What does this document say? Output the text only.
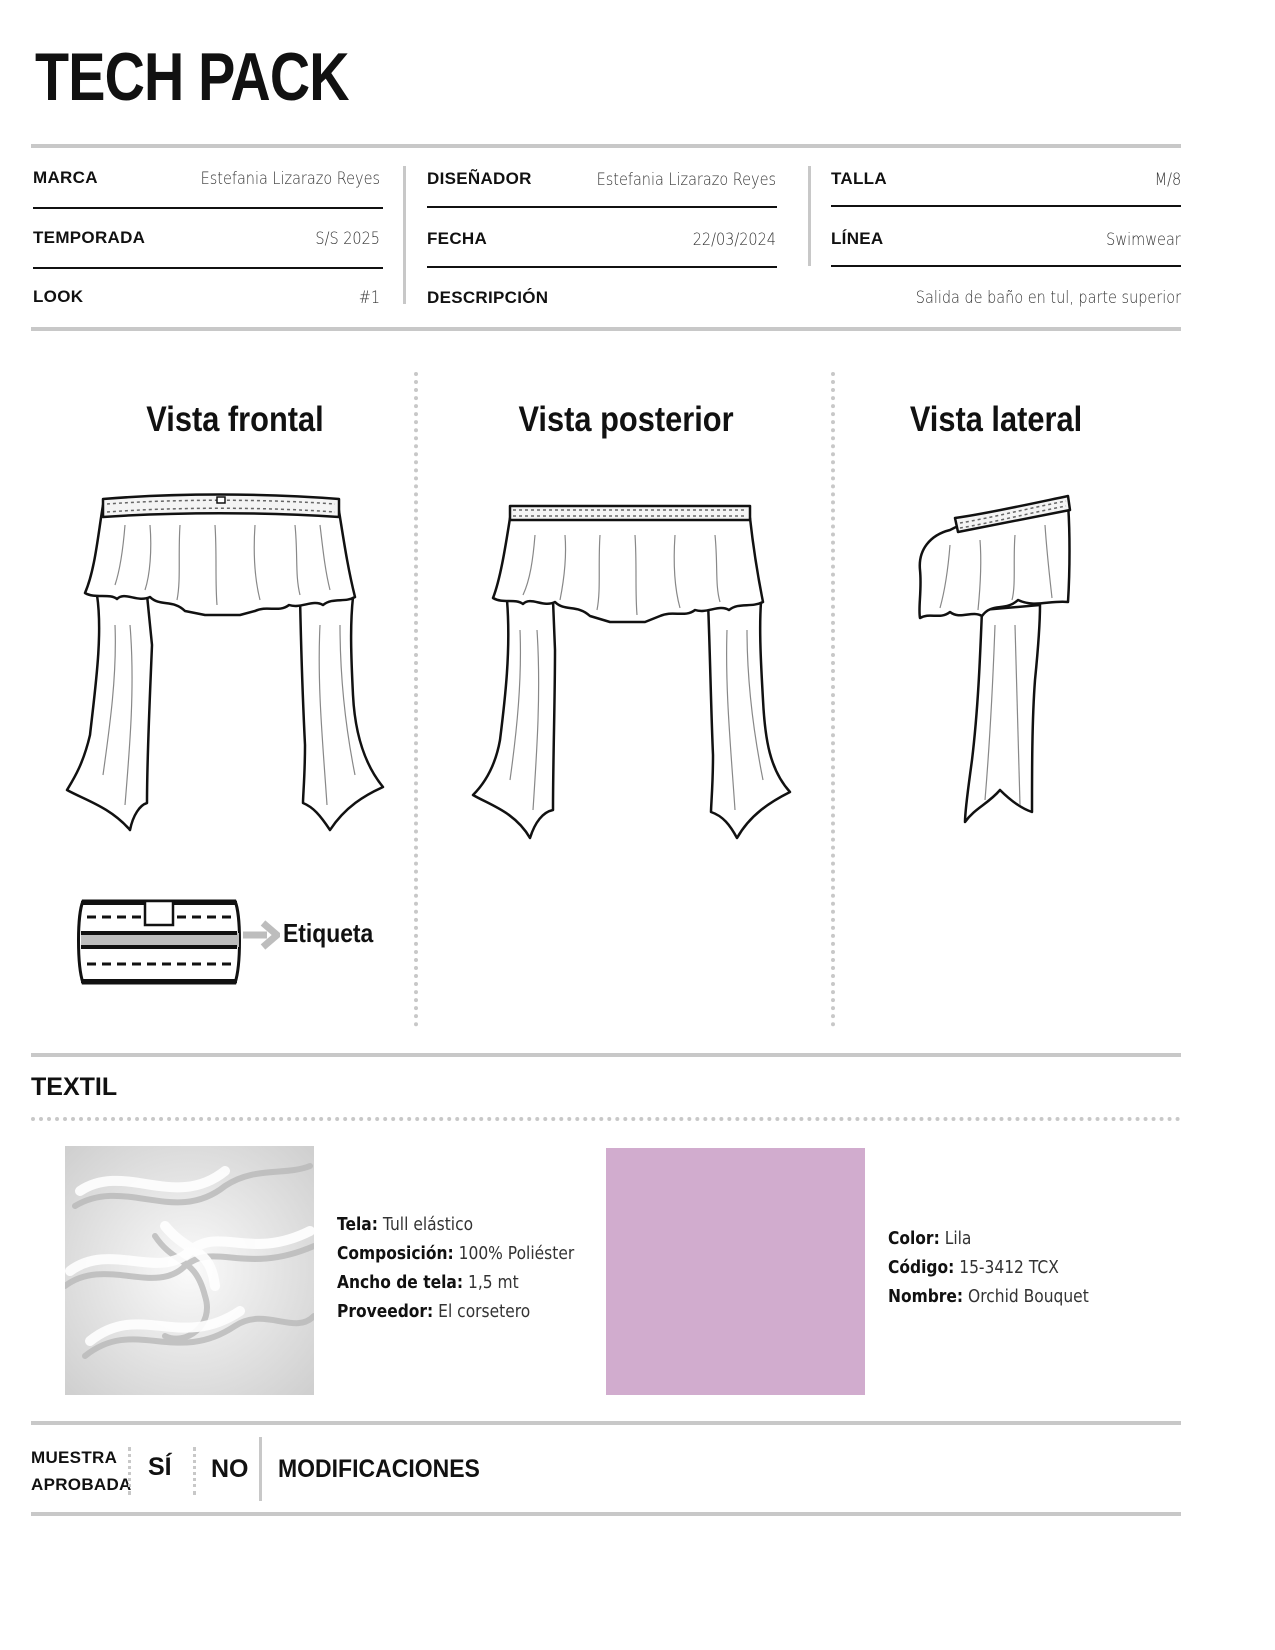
TECH PACK
MARCA	Estefania Lizarazo Reyes
TEMPORADA	S/S 2025
LOOK	#1
DISEÑADOR	Estefania Lizarazo Reyes
FECHA	22/03/2024
DESCRIPCIÓN	Salida de baño en tul, parte superior
TALLA	M/8
LÍNEA	Swimwear
Vista frontal	Vista posterior	Vista lateral
Etiqueta
TEXTIL
Tela: Tull elástico
Composición: 100% Poliéster
Ancho de tela: 1,5 mt
Proveedor: El corsetero
Color: Lila
Código: 15-3412 TCX
Nombre: Orchid Bouquet
MUESTRA
APROBADA
SÍ NO MODIFICACIONES
